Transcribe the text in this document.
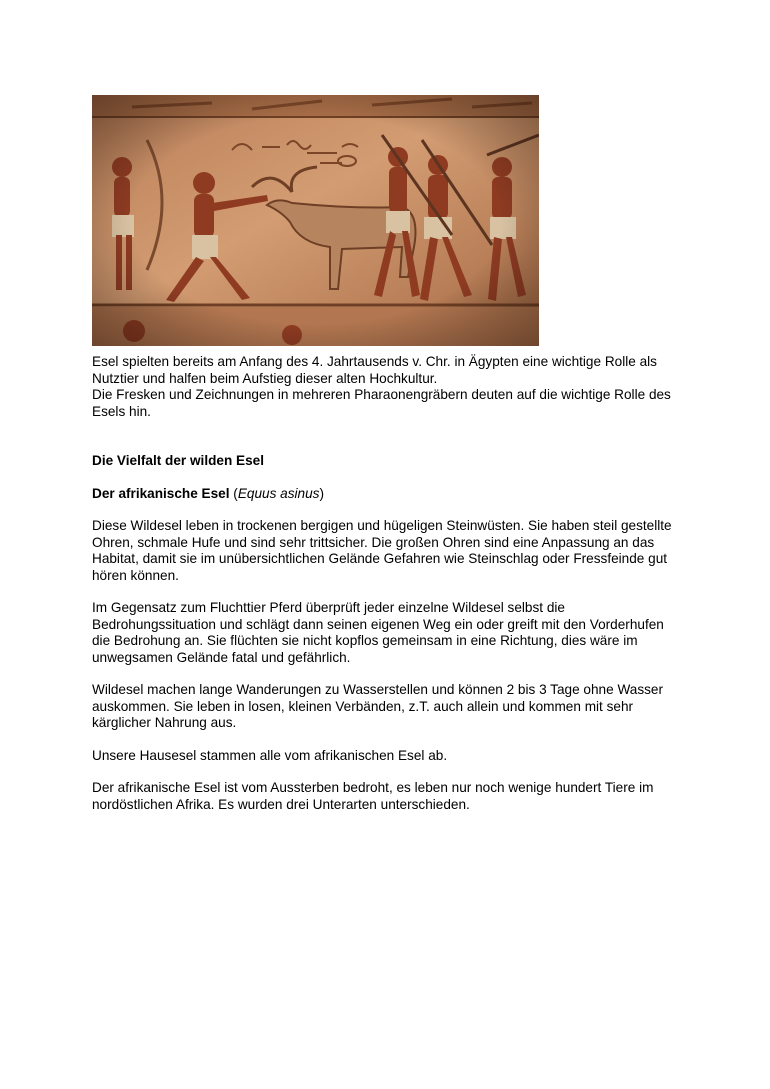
Esel spielten bereits am Anfang des 4. Jahrtausends v. Chr. in Ägypten eine wichtige Rolle als Nutztier und halfen beim Aufstieg dieser alten Hochkultur.

Die Fresken und Zeichnungen in mehreren Pharaonengräbern deuten auf die wichtige Rolle des Esels hin.

Die Vielfalt der wilden Esel

Der afrikanische Esel (Equus asinus)

Diese Wildesel leben in trockenen bergigen und hügeligen Steinwüsten. Sie haben steil gestellte Ohren, schmale Hufe und sind sehr trittsicher. Die großen Ohren sind eine Anpassung an das Habitat, damit sie im unübersichtlichen Gelände Gefahren wie Steinschlag oder Fressfeinde gut hören können.

Im Gegensatz zum Fluchttier Pferd überprüft jeder einzelne Wildesel selbst die Bedrohungssituation und schlägt dann seinen eigenen Weg ein oder greift mit den Vorderhufen die Bedrohung an. Sie flüchten sie nicht kopflos gemeinsam in eine Richtung, dies wäre im unwegsamen Gelände fatal und gefährlich.

Wildesel machen lange Wanderungen zu Wasserstellen und können 2 bis 3 Tage ohne Wasser auskommen. Sie leben in losen, kleinen Verbänden, z.T. auch allein und kommen mit sehr kärglicher Nahrung aus.

Unsere Hausesel stammen alle vom afrikanischen Esel ab.

Der afrikanische Esel ist vom Aussterben bedroht, es leben nur noch wenige hundert Tiere im nordöstlichen Afrika. Es wurden drei Unterarten unterschieden.
